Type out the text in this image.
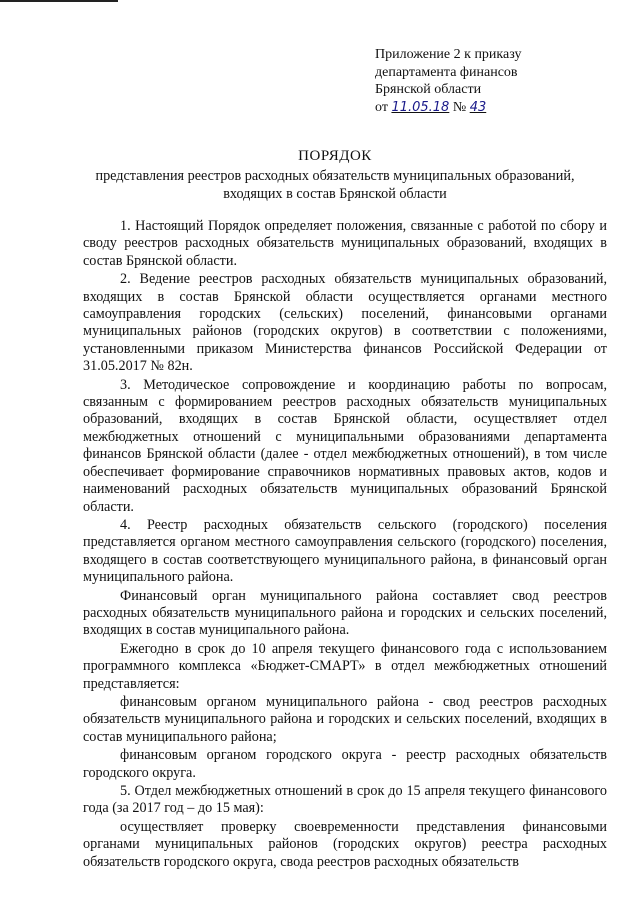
Приложение 2 к приказу
департамента финансов
Брянской области
от 11.05.18 № 43
ПОРЯДОК
представления реестров расходных обязательств муниципальных образований,
входящих в состав Брянской области

1. Настоящий Порядок определяет положения, связанные с работой по сбору и своду реестров расходных обязательств муниципальных образований, входящих в состав Брянской области.

2. Ведение реестров расходных обязательств муниципальных образований, входящих в состав Брянской области осуществляется органами местного самоуправления городских (сельских) поселений, финансовыми органами муниципальных районов (городских округов) в соответствии с положениями, установленными приказом Министерства финансов Российской Федерации от 31.05.2017 № 82н.

3. Методическое сопровождение и координацию работы по вопросам, связанным с формированием реестров расходных обязательств муниципальных образований, входящих в состав Брянской области, осуществляет отдел межбюджетных отношений с муниципальными образованиями департамента финансов Брянской области (далее - отдел межбюджетных отношений), в том числе обеспечивает формирование справочников нормативных правовых актов, кодов и наименований расходных обязательств муниципальных образований Брянской области.

4. Реестр расходных обязательств сельского (городского) поселения представляется органом местного самоуправления сельского (городского) поселения, входящего в состав соответствующего муниципального района, в финансовый орган муниципального района.

Финансовый орган муниципального района составляет свод реестров расходных обязательств муниципального района и городских и сельских поселений, входящих в состав муниципального района.

Ежегодно в срок до 10 апреля текущего финансового года с использованием программного комплекса «Бюджет-СМАРТ» в отдел межбюджетных отношений представляется:

финансовым органом муниципального района - свод реестров расходных обязательств муниципального района и городских и сельских поселений, входящих в состав муниципального района;

финансовым органом городского округа - реестр расходных обязательств городского округа.

5. Отдел межбюджетных отношений в срок до 15 апреля текущего финансового года (за 2017 год – до 15 мая):

осуществляет проверку своевременности представления финансовыми органами муниципальных районов (городских округов) реестра расходных обязательств городского округа, свода реестров расходных обязательств
